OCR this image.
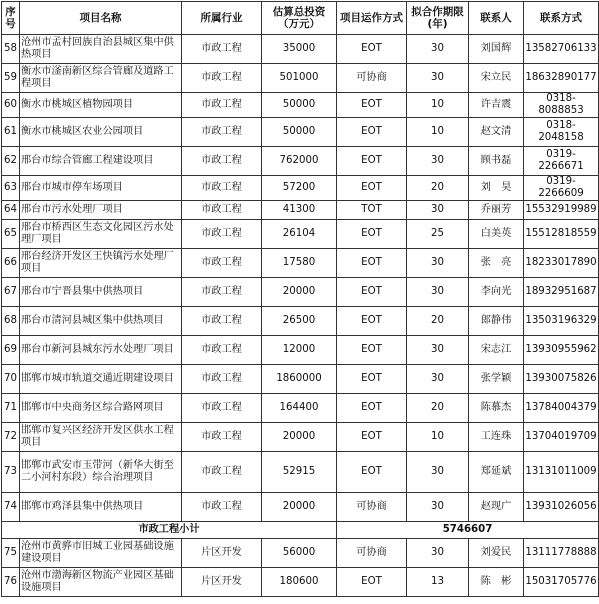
序号	项目名称	所属行业	估算总投资（万元）	项目运作方式	拟合作期限(年)	联系人	联系方式
58	沧州市孟村回族自治县城区集中供热项目	市政工程	35000	EOT	30	刘国辉	13582706133
59	衡水市滏南新区综合管廊及道路工程项目	市政工程	501000	可协商	30	宋立民	18632890177
60	衡水市桃城区植物园项目	市政工程	50000	EOT	10	许吉震	0318-8088853
61	衡水市桃城区农业公园项目	市政工程	50000	EOT	10	赵文清	0318-2048158
62	邢台市综合管廊工程建设项目	市政工程	762000	EOT	30	顾书磊	0319-2266671
63	邢台市城市停车场项目	市政工程	57200	EOT	20	刘　昊	0319-2266609
64	邢台市污水处理厂项目	市政工程	41300	TOT	30	乔丽芳	15532919989
65	邢台市桥西区生态文化园区污水处理厂项目	市政工程	26104	EOT	25	白美英	15512818559
66	邢台经济开发区王快镇污水处理厂项目	市政工程	17580	EOT	30	张　亮	18233017890
67	邢台市宁晋县集中供热项目	市政工程	20000	EOT	30	李向光	18932951687
68	邢台市清河县城区集中供热项目	市政工程	26500	EOT	20	郎静伟	13503196329
69	邢台市新河县城东污水处理厂项目	市政工程	12000	EOT	30	宋志江	13930955962
70	邯郸市城市轨道交通近期建设项目	市政工程	1860000	EOT	30	张学颖	13930075826
71	邯郸市中央商务区综合路网项目	市政工程	164400	EOT	20	陈慕杰	13784004379
72	邯郸市复兴区经济开发区供水工程项目	市政工程	20000	EOT	10	工连珠	13704019709
73	邯郸市武安市玉带河（新华大街至二小河村东段）综合治理项目	市政工程	52915	EOT	30	郑延斌	13131011009
74	邯郸市鸡泽县集中供热项目	市政工程	20000	可协商	30	赵现广	13931026056
市政工程小计				5746607			
75	沧州市黄骅市旧城工业园基础设施建设项目	片区开发	56000	可协商	30	刘爱民	13111778888
76	沧州市渤海新区物流产业园区基础设施项目	片区开发	180600	EOT	13	陈　彬	15031705776
